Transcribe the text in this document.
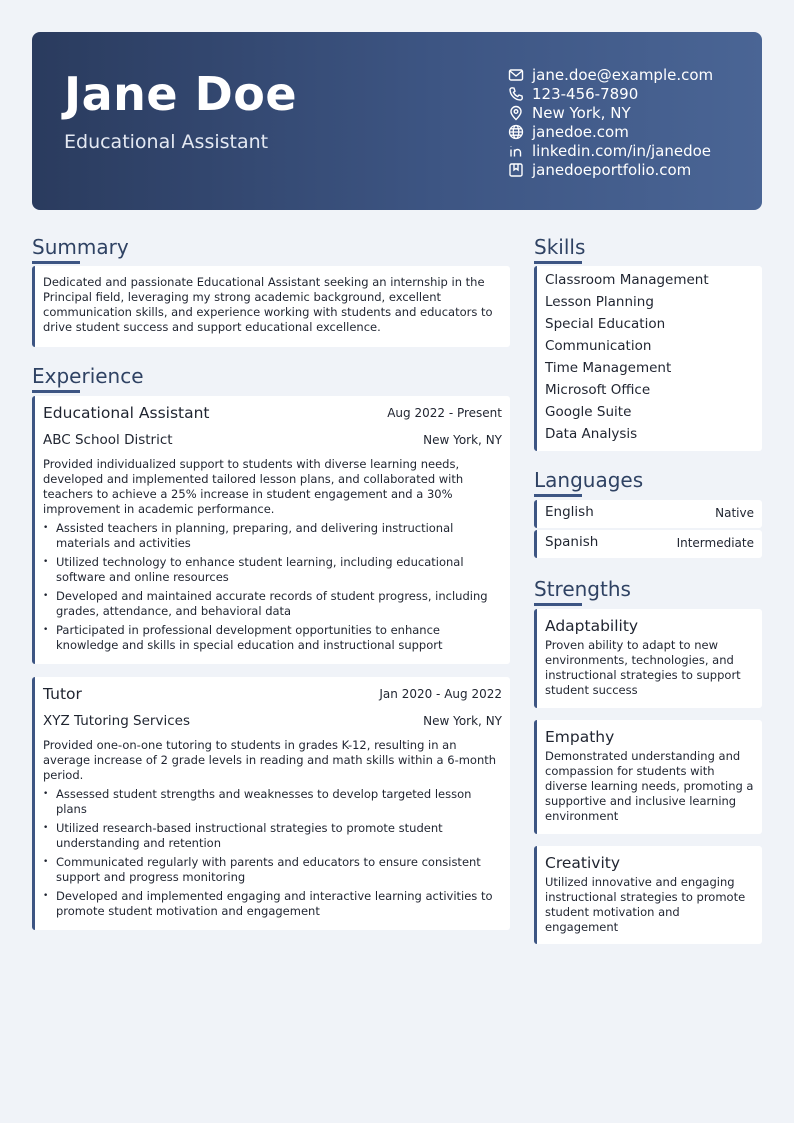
Jane Doe
Educational Assistant
jane.doe@example.com
123-456-7890
New York, NY
janedoe.com
linkedin.com/in/janedoe
janedoeportfolio.com
Summary

Dedicated and passionate Educational Assistant seeking an internship in the Principal field, leveraging my strong academic background, excellent communication skills, and experience working with students and educators to drive student success and support educational excellence.

Experience
Educational Assistant	Aug 2022 - Present
ABC School District	New York, NY
Provided individualized support to students with diverse learning needs, developed and implemented tailored lesson plans, and collaborated with teachers to achieve a 25% increase in student engagement and a 30% improvement in academic performance.
• Assisted teachers in planning, preparing, and delivering instructional materials and activities
• Utilized technology to enhance student learning, including educational software and online resources
• Developed and maintained accurate records of student progress, including grades, attendance, and behavioral data
• Participated in professional development opportunities to enhance knowledge and skills in special education and instructional support
Tutor	Jan 2020 - Aug 2022
XYZ Tutoring Services	New York, NY
Provided one-on-one tutoring to students in grades K-12, resulting in an average increase of 2 grade levels in reading and math skills within a 6-month period.
• Assessed student strengths and weaknesses to develop targeted lesson plans
• Utilized research-based instructional strategies to promote student understanding and retention
• Communicated regularly with parents and educators to ensure consistent support and progress monitoring
• Developed and implemented engaging and interactive learning activities to promote student motivation and engagement
Skills
Classroom Management
Lesson Planning
Special Education
Communication
Time Management
Microsoft Office
Google Suite
Data Analysis
Languages
English	Native
Spanish	Intermediate
Strengths
Adaptability
Proven ability to adapt to new environments, technologies, and instructional strategies to support student success
Empathy
Demonstrated understanding and compassion for students with diverse learning needs, promoting a supportive and inclusive learning environment
Creativity
Utilized innovative and engaging instructional strategies to promote student motivation and engagement
